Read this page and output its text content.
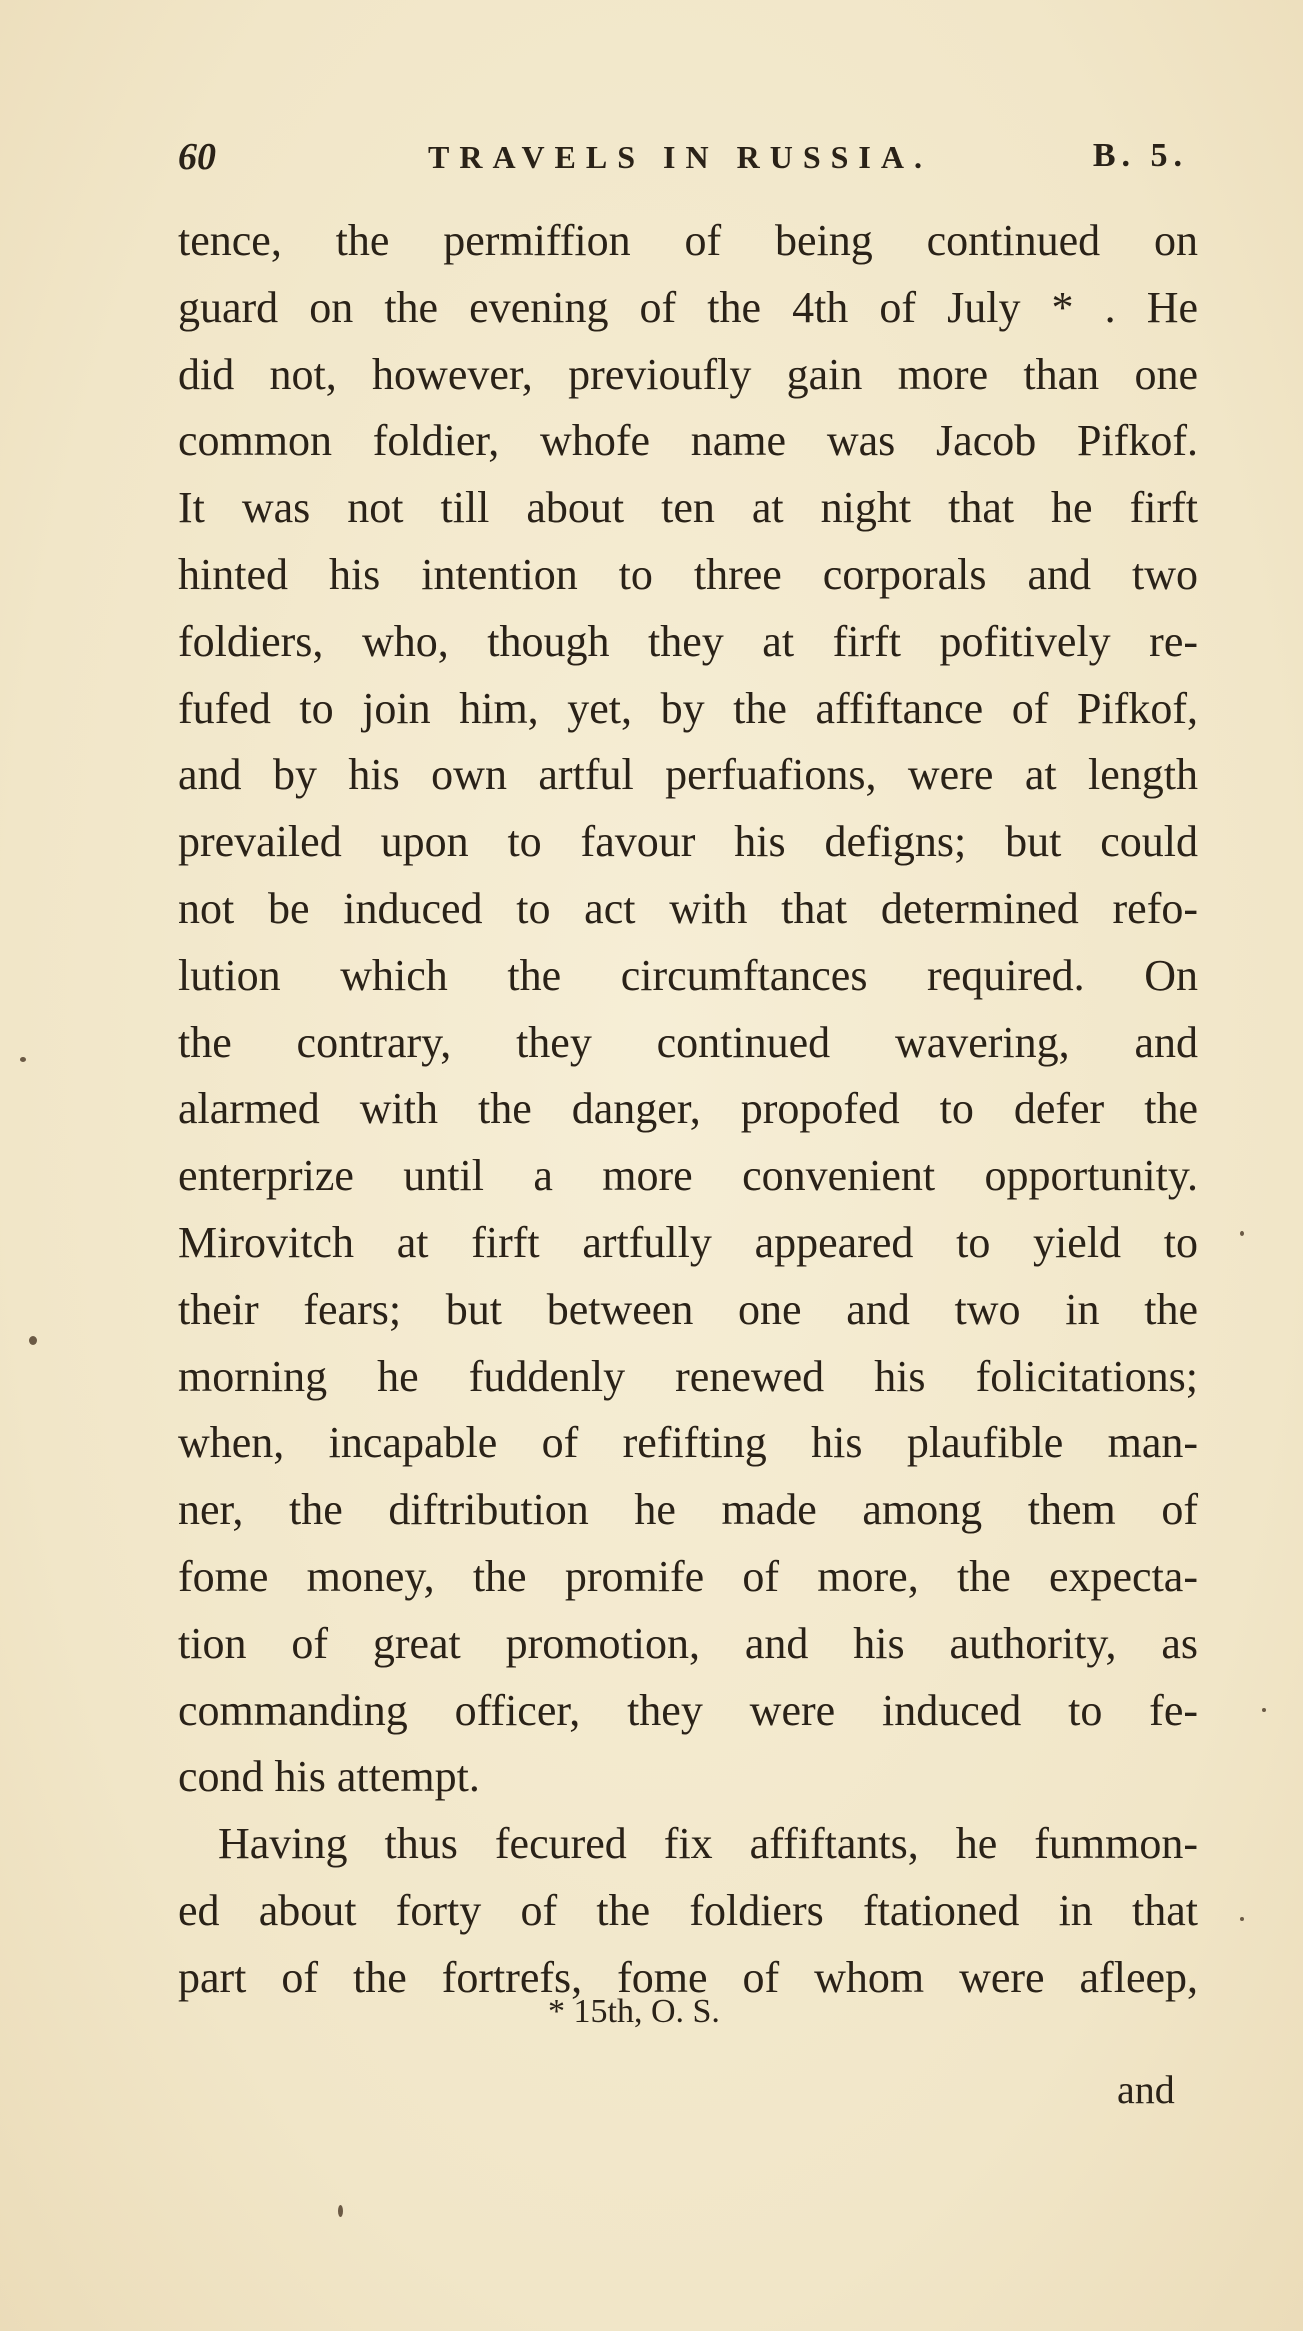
60	TRAVELS IN RUSSIA.	B. 5.
tence, the permiffion of being continued on
guard on the evening of the 4th of July * . He
did not, however, previoufly gain more than one
common foldier, whofe name was Jacob Pifkof.
It was not till about ten at night that he firft
hinted his intention to three corporals and two
foldiers, who, though they at firft pofitively re-
fufed to join him, yet, by the affiftance of Pifkof,
and by his own artful perfuafions, were at length
prevailed upon to favour his defigns; but could
not be induced to act with that determined refo-
lution which the circumftances required. On
the contrary, they continued wavering, and
alarmed with the danger, propofed to defer the
enterprize until a more convenient opportunity.
Mirovitch at firft artfully appeared to yield to
their fears; but between one and two in the
morning he fuddenly renewed his folicitations;
when, incapable of refifting his plaufible man-
ner, the diftribution he made among them of
fome money, the promife of more, the expecta-
tion of great promotion, and his authority, as
commanding officer, they were induced to fe-
cond his attempt.
Having thus fecured fix affiftants, he fummon-
ed about forty of the foldiers ftationed in that
part of the fortrefs, fome of whom were afleep,
* 15th, O. S.
and
